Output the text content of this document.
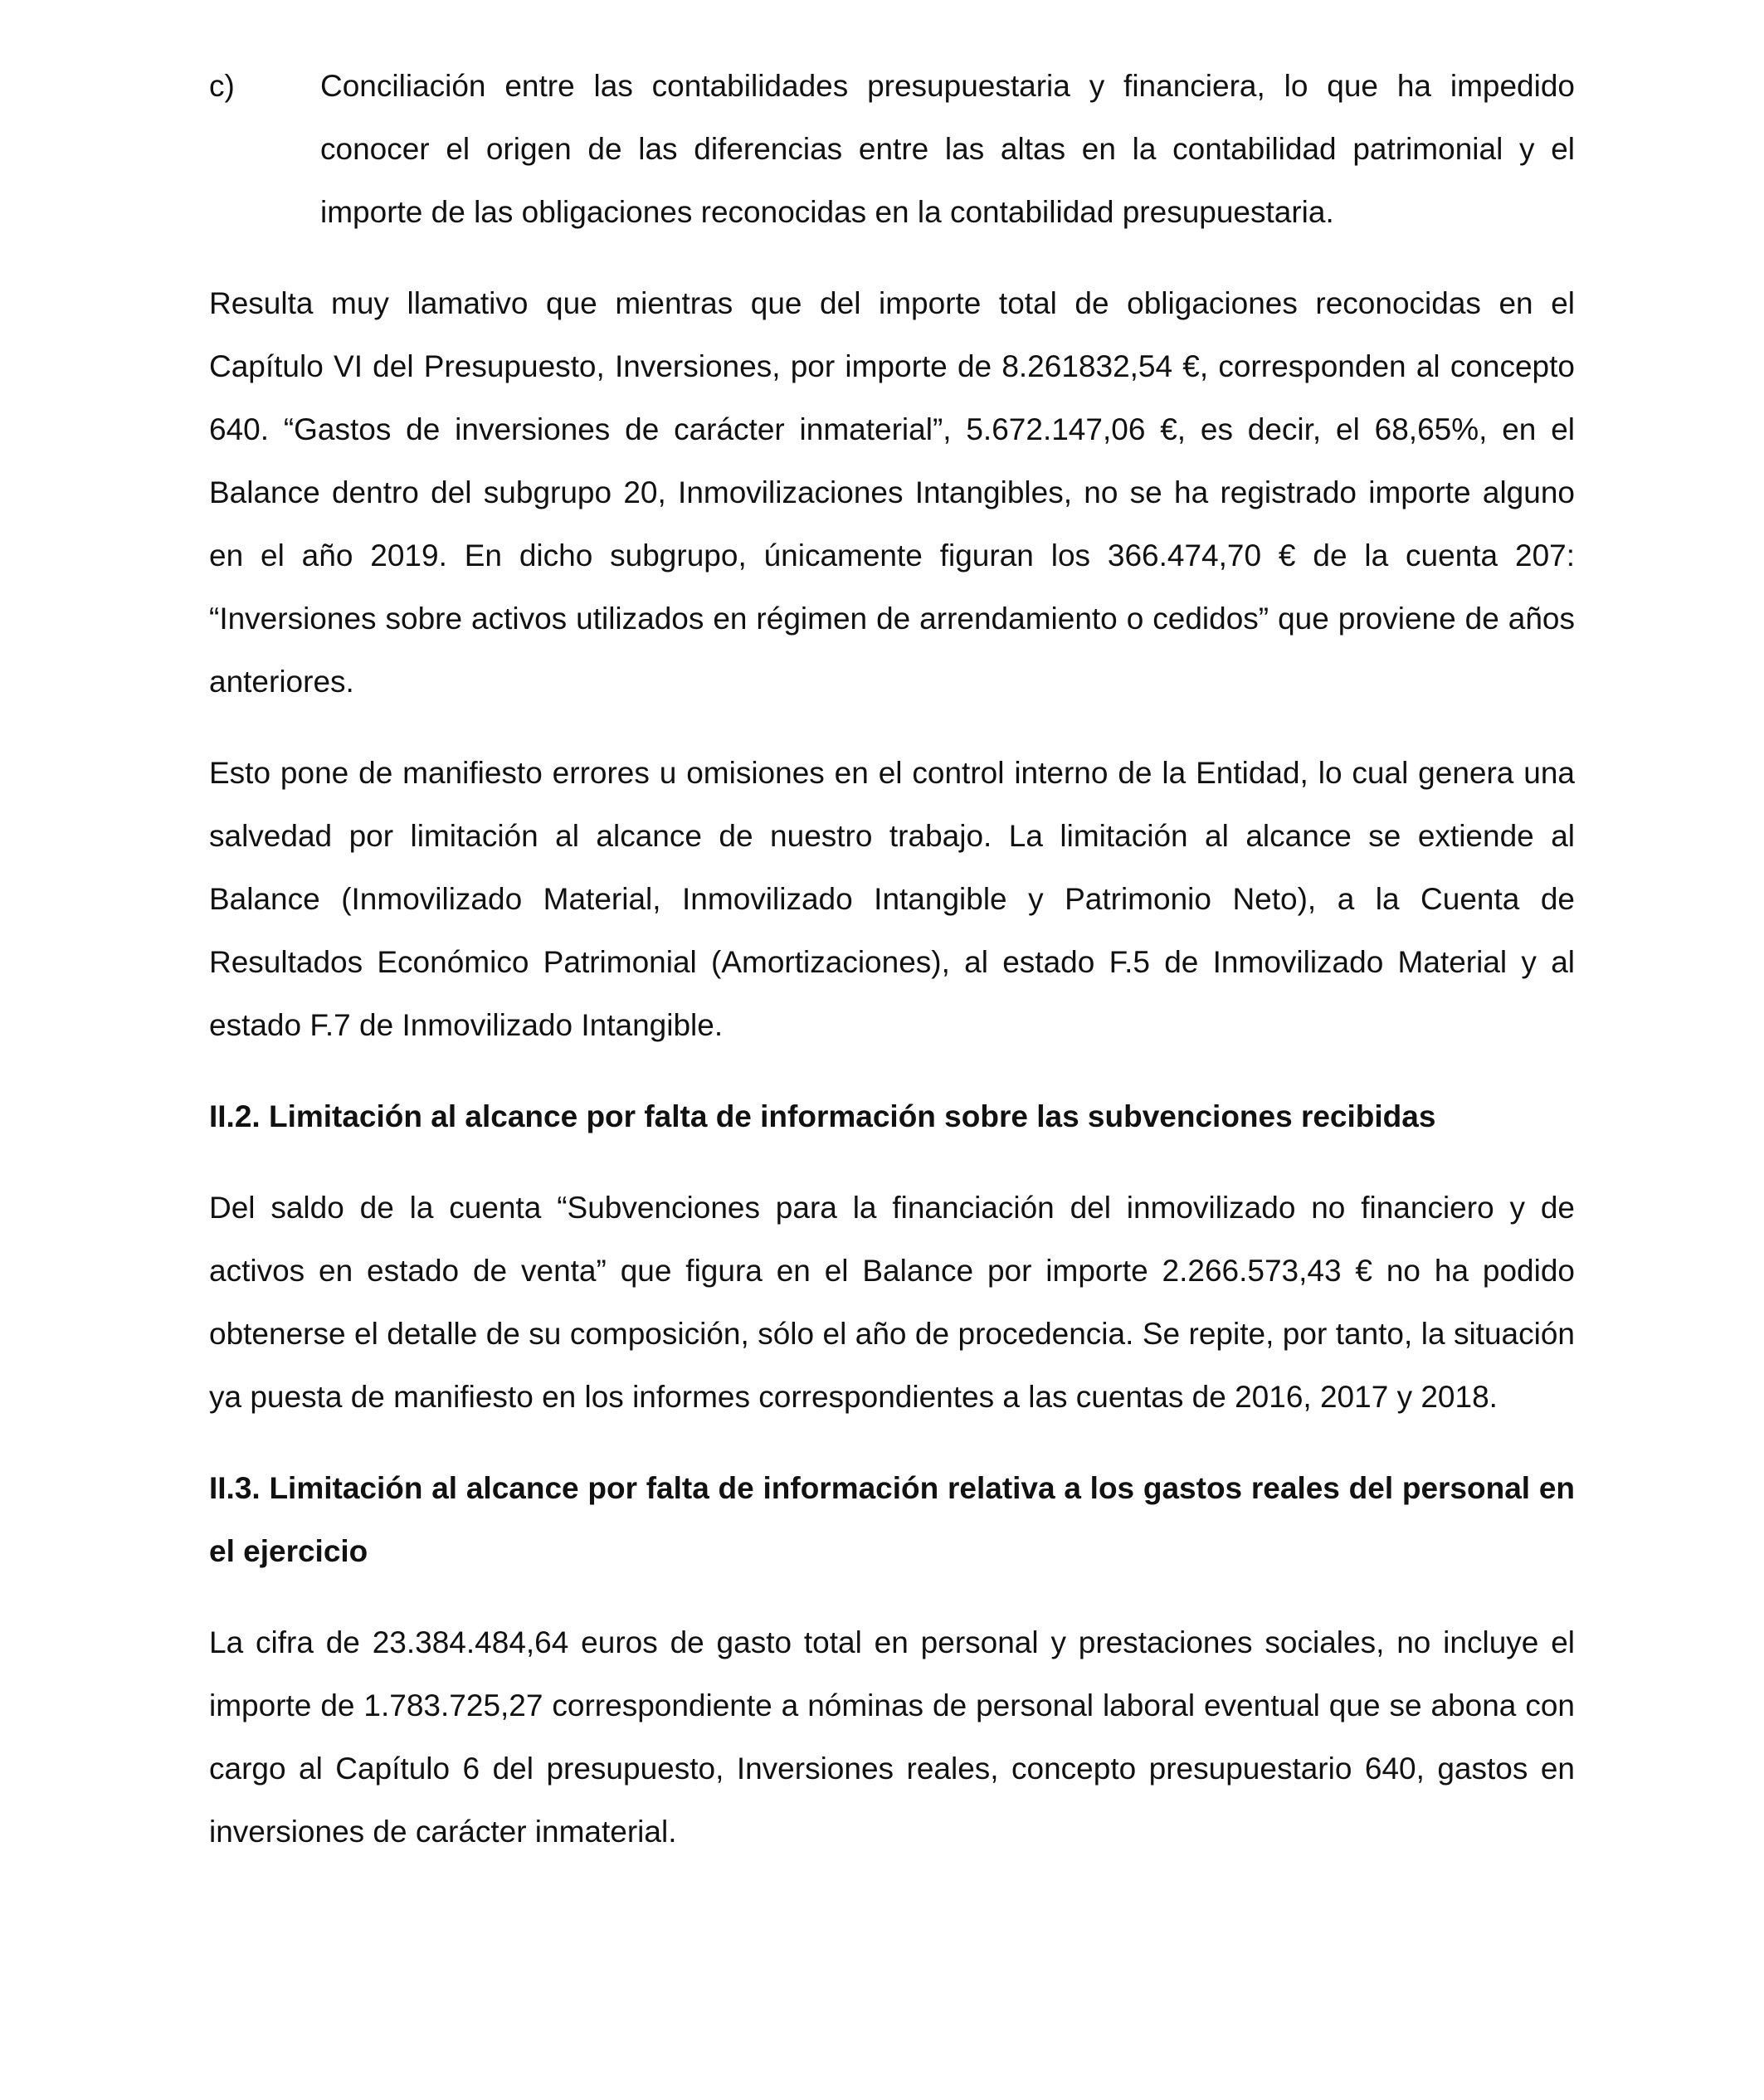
c)	Conciliación entre las contabilidades presupuestaria y financiera, lo que ha impedido conocer el origen de las diferencias entre las altas en la contabilidad patrimonial y el importe de las obligaciones reconocidas en la contabilidad presupuestaria.

Resulta muy llamativo que mientras que del importe total de obligaciones reconocidas en el Capítulo VI del Presupuesto, Inversiones, por importe de 8.261832,54 €, corresponden al concepto 640. “Gastos de inversiones de carácter inmaterial”, 5.672.147,06 €, es decir, el 68,65%, en el Balance dentro del subgrupo 20, Inmovilizaciones Intangibles, no se ha registrado importe alguno en el año 2019. En dicho subgrupo, únicamente figuran los 366.474,70 € de la cuenta 207: “Inversiones sobre activos utilizados en régimen de arrendamiento o cedidos” que proviene de años anteriores.

Esto pone de manifiesto errores u omisiones en el control interno de la Entidad, lo cual genera una salvedad por limitación al alcance de nuestro trabajo. La limitación al alcance se extiende al Balance (Inmovilizado Material, Inmovilizado Intangible y Patrimonio Neto), a la Cuenta de Resultados Económico Patrimonial (Amortizaciones), al estado F.5 de Inmovilizado Material y al estado F.7 de Inmovilizado Intangible.

II.2. Limitación al alcance por falta de información sobre las subvenciones recibidas

Del saldo de la cuenta “Subvenciones para la financiación del inmovilizado no financiero y de activos en estado de venta” que figura en el Balance por importe 2.266.573,43 € no ha podido obtenerse el detalle de su composición, sólo el año de procedencia. Se repite, por tanto, la situación ya puesta de manifiesto en los informes correspondientes a las cuentas de 2016, 2017 y 2018.

II.3. Limitación al alcance por falta de información relativa a los gastos reales del personal en el ejercicio

La cifra de 23.384.484,64 euros de gasto total en personal y prestaciones sociales, no incluye el importe de 1.783.725,27 correspondiente a nóminas de personal laboral eventual que se abona con cargo al Capítulo 6 del presupuesto, Inversiones reales, concepto presupuestario 640, gastos en inversiones de carácter inmaterial.
